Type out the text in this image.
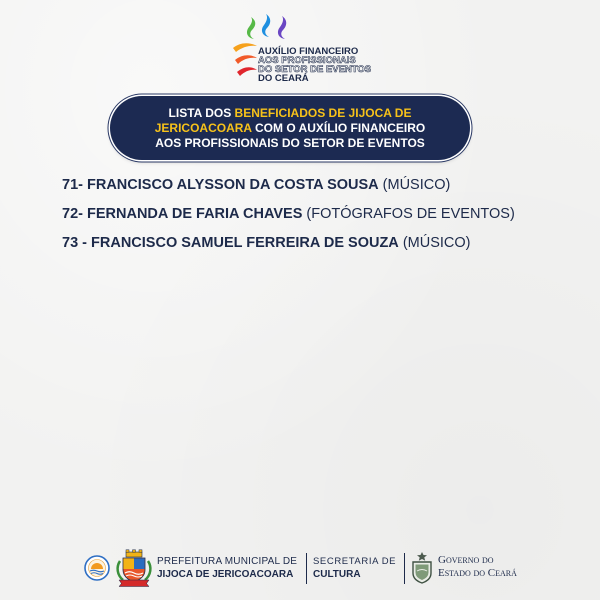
AUXÍLIO FINANCEIRO
AOS PROFISSIONAIS
DO SETOR DE EVENTOS
DO CEARÁ
LISTA DOS BENEFICIADOS DE JIJOCA DE
JERICOACOARA COM O AUXÍLIO FINANCEIRO
AOS PROFISSIONAIS DO SETOR DE EVENTOS
71- FRANCISCO ALYSSON DA COSTA SOUSA (MÚSICO)
72- FERNANDA DE FARIA CHAVES (FOTÓGRAFOS DE EVENTOS)
73 - FRANCISCO SAMUEL FERREIRA DE SOUZA (MÚSICO)
PREFEITURA MUNICIPAL DE
JIJOCA DE JERICOACOARA
SECRETARIA DE
CULTURA
Governo do
Estado do Ceará
